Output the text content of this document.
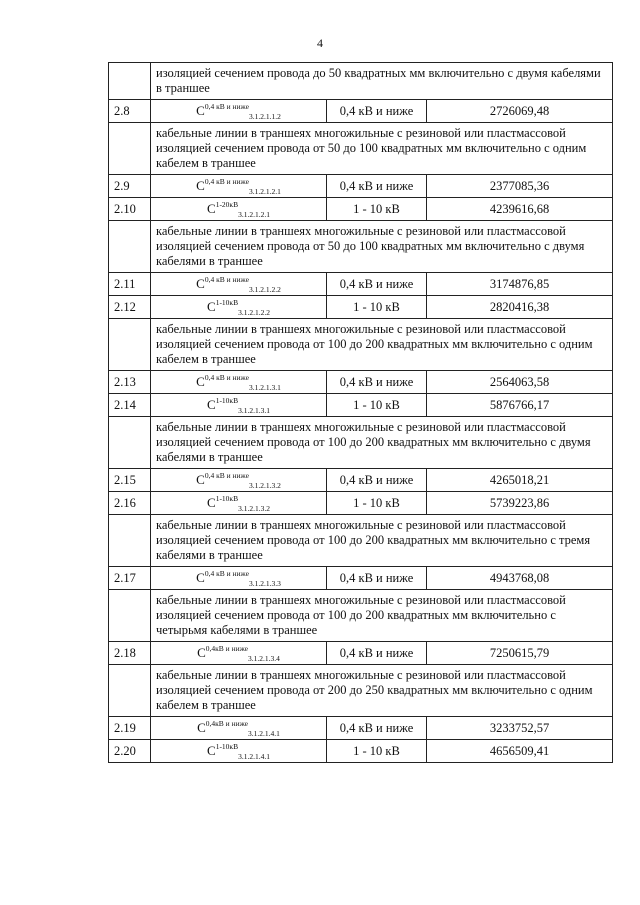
4
	изоляцией сечением провода до 50 квадратных мм включительно с двумя кабелями в траншее		
2.8	$C^{0,4 кВ и ниже}_{3.1.2.1.1.2}$	0,4 кВ и ниже	2726069,48
	кабельные линии в траншеях многожильные с резиновой или пластмассовой изоляцией сечением провода от 50 до 100 квадратных мм включительно с одним кабелем в траншее		
2.9	$C^{0,4 кВ и ниже}_{3.1.2.1.2.1}$	0,4 кВ и ниже	2377085,36
2.10	$C^{1-20кВ}_{3.1.2.1.2.1}$	1 - 10 кВ	4239616,68
	кабельные линии в траншеях многожильные с резиновой или пластмассовой изоляцией сечением провода от 50 до 100 квадратных мм включительно с двумя кабелями в траншее		
2.11	$C^{0,4 кВ и ниже}_{3.1.2.1.2.2}$	0,4 кВ и ниже	3174876,85
2.12	$C^{1-10кВ}_{3.1.2.1.2.2}$	1 - 10 кВ	2820416,38
	кабельные линии в траншеях многожильные с резиновой или пластмассовой изоляцией сечением провода от 100 до 200 квадратных мм включительно с одним кабелем в траншее		
2.13	$C^{0,4 кВ и ниже}_{3.1.2.1.3.1}$	0,4 кВ и ниже	2564063,58
2.14	$C^{1-10кВ}_{3.1.2.1.3.1}$	1 - 10 кВ	5876766,17
	кабельные линии в траншеях многожильные с резиновой или пластмассовой изоляцией сечением провода от 100 до 200 квадратных мм включительно с двумя кабелями в траншее		
2.15	$C^{0,4 кВ и ниже}_{3.1.2.1.3.2}$	0,4 кВ и ниже	4265018,21
2.16	$C^{1-10кВ}_{3.1.2.1.3.2}$	1 - 10 кВ	5739223,86
	кабельные линии в траншеях многожильные с резиновой или пластмассовой изоляцией сечением провода от 100 до 200 квадратных мм включительно с тремя кабелями в траншее		
2.17	$C^{0,4 кВ и ниже}_{3.1.2.1.3.3}$	0,4 кВ и ниже	4943768,08
	кабельные линии в траншеях многожильные с резиновой или пластмассовой изоляцией сечением провода от 100 до 200 квадратных мм включительно с четырьмя кабелями в траншее		
2.18	$C^{0,4кВ и ниже}_{3.1.2.1.3.4}$	0,4 кВ и ниже	7250615,79
	кабельные линии в траншеях многожильные с резиновой или пластмассовой изоляцией сечением провода от 200 до 250 квадратных мм включительно с одним кабелем в траншее		
2.19	$C^{0,4кВ и ниже}_{3.1.2.1.4.1}$	0,4 кВ и ниже	3233752,57
2.20	$C^{1-10кВ}_{3.1.2.1.4.1}$	1 - 10 кВ	4656509,41
